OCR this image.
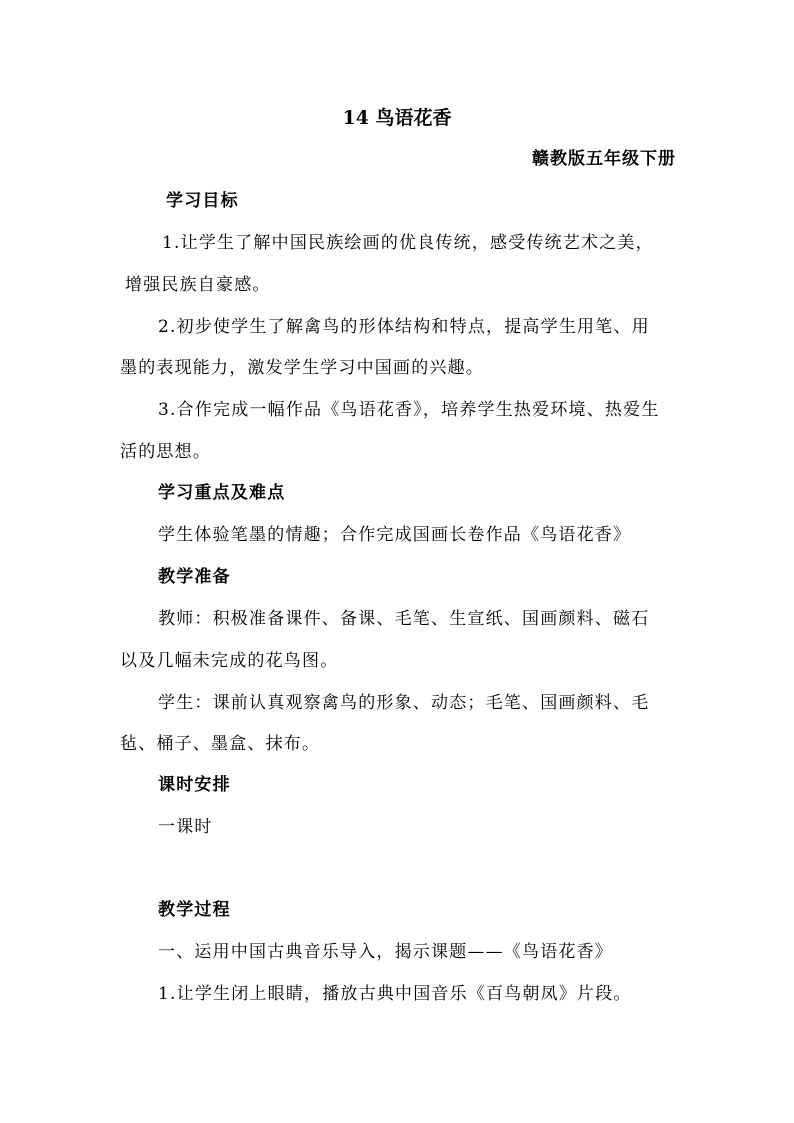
14 鸟语花香
赣教版五年级下册
学习目标
1.让学生了解中国民族绘画的优良传统，感受传统艺术之美，
增强民族自豪感。
2.初步使学生了解禽鸟的形体结构和特点，提高学生用笔、用
墨的表现能力，激发学生学习中国画的兴趣。
3.合作完成一幅作品《鸟语花香》，培养学生热爱环境、热爱生
活的思想。
学习重点及难点
学生体验笔墨的情趣；合作完成国画长卷作品《鸟语花香》
教学准备
教师：积极准备课件、备课、毛笔、生宣纸、国画颜料、磁石
以及几幅未完成的花鸟图。
学生：课前认真观察禽鸟的形象、动态；毛笔、国画颜料、毛
毡、桶子、墨盒、抹布。
课时安排
一课时
教学过程
一、运用中国古典音乐导入，揭示课题——《鸟语花香》
1.让学生闭上眼睛，播放古典中国音乐《百鸟朝凤》片段。
